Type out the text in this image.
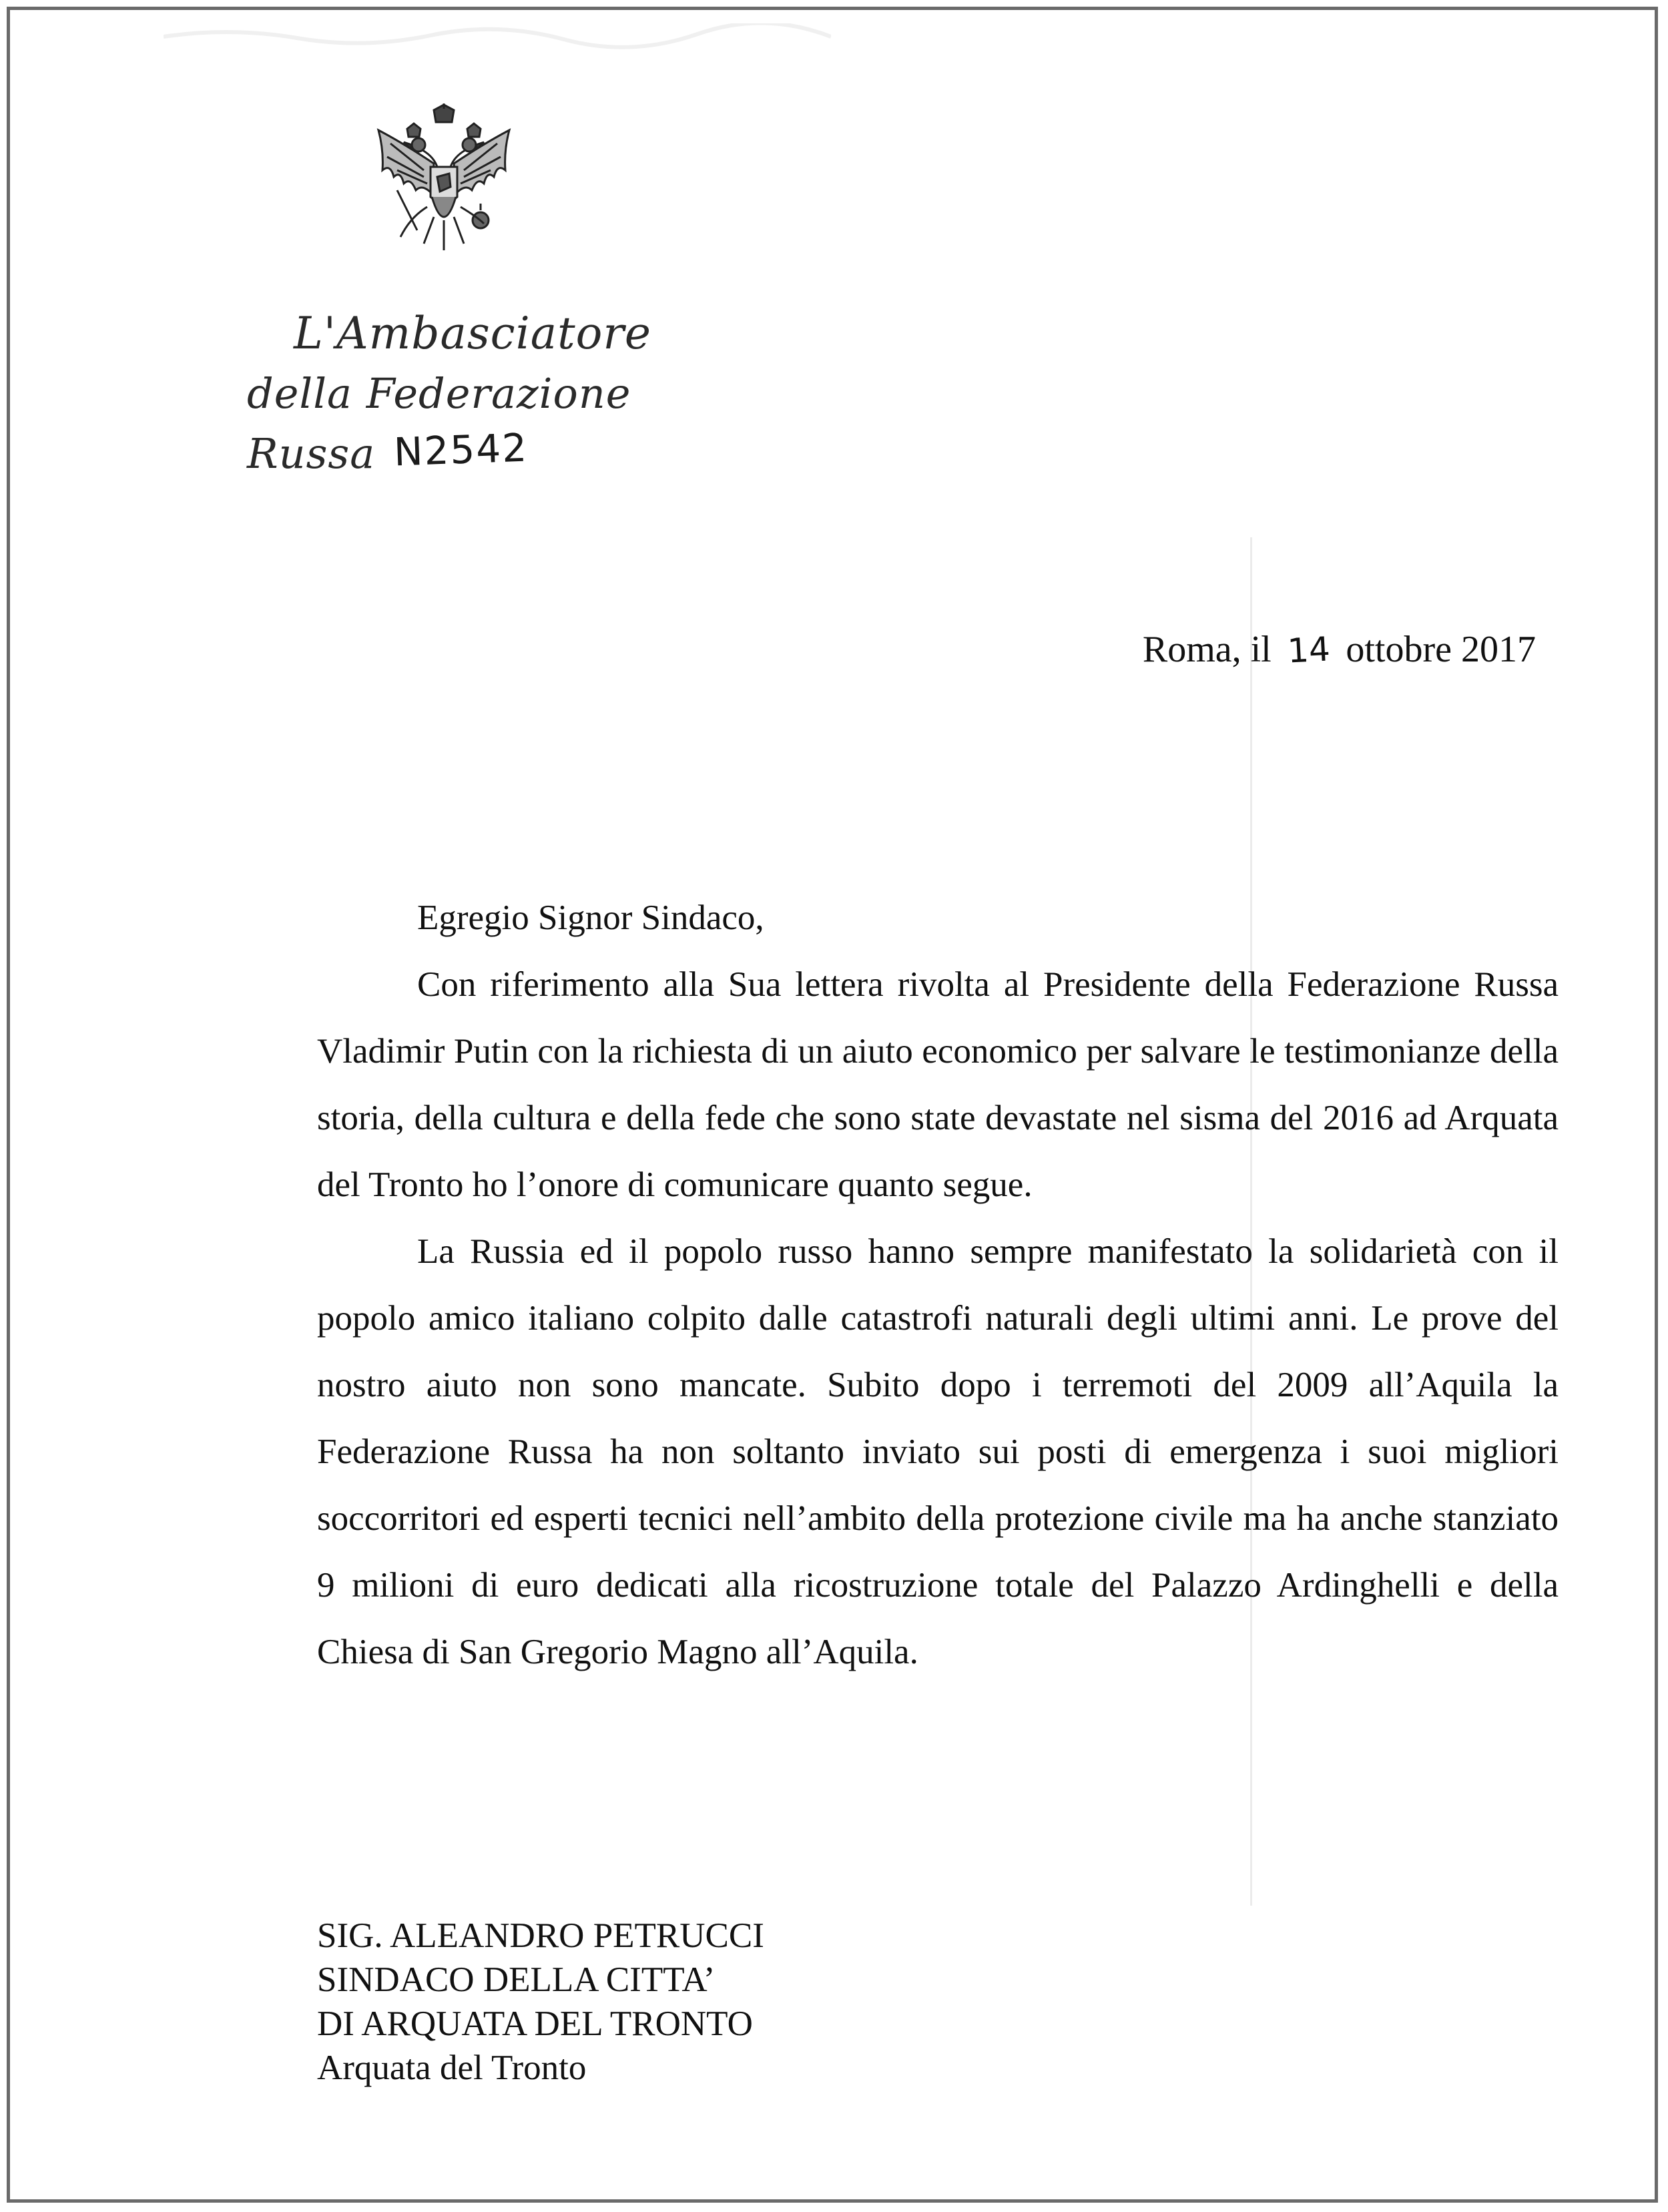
L'Ambasciatore
della Federazione Russa N2542
Roma, il 14 ottobre 2017

Egregio Signor Sindaco,

Con riferimento alla Sua lettera rivolta al Presidente della Federazione Russa Vladimir Putin con la richiesta di un aiuto economico per salvare le testimonianze della storia, della cultura e della fede che sono state devastate nel sisma del 2016 ad Arquata del Tronto ho l’onore di comunicare quanto segue.

La Russia ed il popolo russo hanno sempre manifestato la solidarietà con il popolo amico italiano colpito dalle catastrofi naturali degli ultimi anni. Le prove del nostro aiuto non sono mancate. Subito dopo i terremoti del 2009 all’Aquila la Federazione Russa ha non soltanto inviato sui posti di emergenza i suoi migliori soccorritori ed esperti tecnici nell’ambito della protezione civile ma ha anche stanziato 9 milioni di euro dedicati alla ricostruzione totale del Palazzo Ardinghelli e della Chiesa di San Gregorio Magno all’Aquila.

SIG. ALEANDRO PETRUCCI
SINDACO DELLA CITTA’
DI ARQUATA DEL TRONTO
Arquata del Tronto
